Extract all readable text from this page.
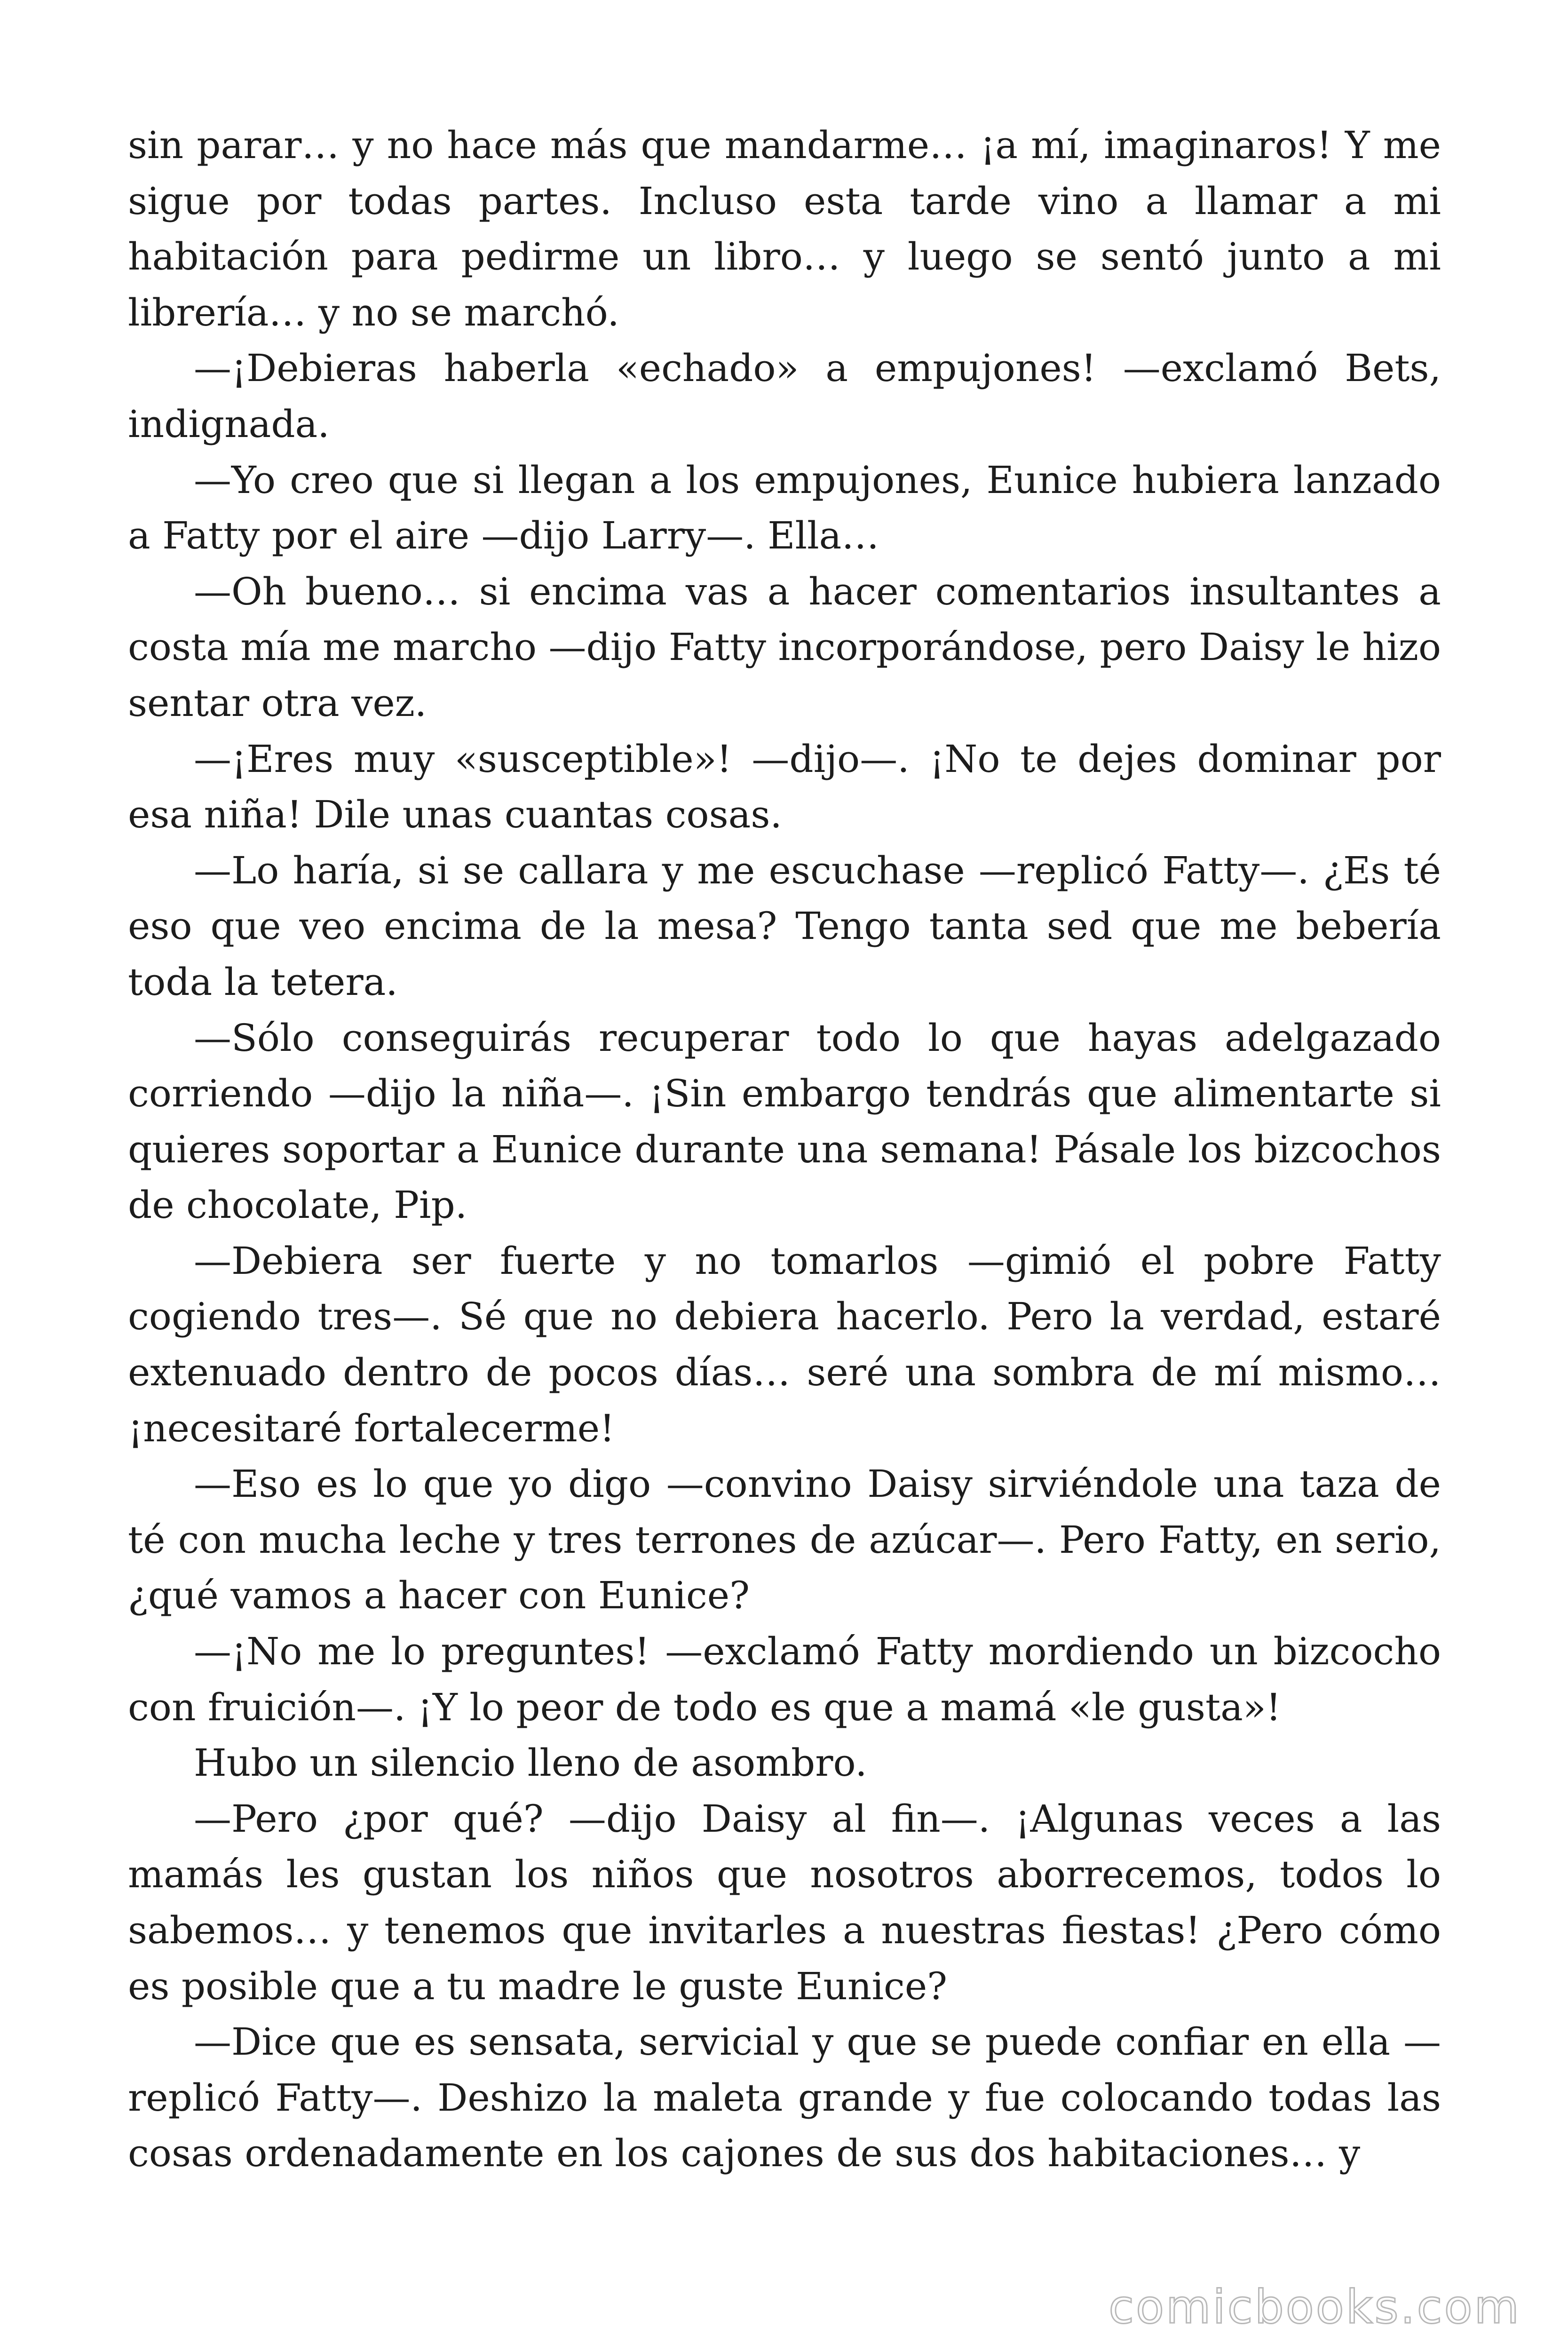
sin parar… y no hace más que mandarme… ¡a mí, imaginaros! Y me sigue por todas partes. Incluso esta tarde vino a llamar a mi habitación para pedirme un libro… y luego se sentó junto a mi librería… y no se marchó.

—¡Debieras haberla «echado» a empujones! —exclamó Bets, indignada.

—Yo creo que si llegan a los empujones, Eunice hubiera lanzado a Fatty por el aire —dijo Larry—. Ella…

—Oh bueno… si encima vas a hacer comentarios insultantes a costa mía me marcho —dijo Fatty incorporándose, pero Daisy le hizo sentar otra vez.

—¡Eres muy «susceptible»! —dijo—. ¡No te dejes dominar por esa niña! Dile unas cuantas cosas.

—Lo haría, si se callara y me escuchase —replicó Fatty—. ¿Es té eso que veo encima de la mesa? Tengo tanta sed que me bebería toda la tetera.

—Sólo conseguirás recuperar todo lo que hayas adelgazado corriendo —dijo la niña—. ¡Sin embargo tendrás que alimentarte si quieres soportar a Eunice durante una semana! Pásale los bizcochos de chocolate, Pip.

—Debiera ser fuerte y no tomarlos —gimió el pobre Fatty cogiendo tres—. Sé que no debiera hacerlo. Pero la verdad, estaré extenuado dentro de pocos días… seré una sombra de mí mismo… ¡necesitaré fortalecerme!

—Eso es lo que yo digo —convino Daisy sirviéndole una taza de té con mucha leche y tres terrones de azúcar—. Pero Fatty, en serio, ¿qué vamos a hacer con Eunice?

—¡No me lo preguntes! —exclamó Fatty mordiendo un bizcocho con fruición—. ¡Y lo peor de todo es que a mamá «le gusta»!

Hubo un silencio lleno de asombro.

—Pero ¿por qué? —dijo Daisy al fin—. ¡Algunas veces a las mamás les gustan los niños que nosotros aborrecemos, todos lo sabemos… y tenemos que invitarles a nuestras fiestas! ¿Pero cómo es posible que a tu madre le guste Eunice?

—Dice que es sensata, servicial y que se puede confiar en ella — replicó Fatty—. Deshizo la maleta grande y fue colocando todas las cosas ordenadamente en los cajones de sus dos habitaciones… y

comicbooks.com
